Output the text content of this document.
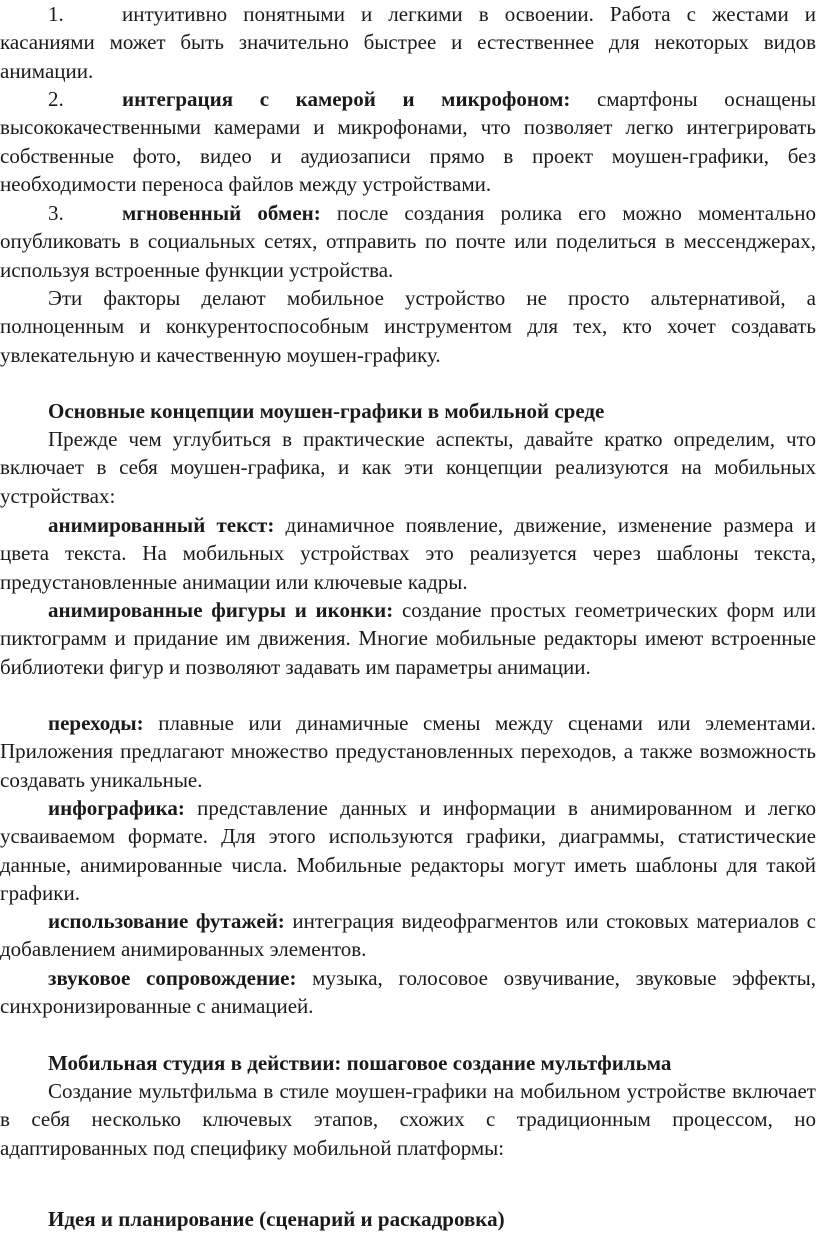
1.	интуитивно понятными и легкими в освоении. Работа с жестами и касаниями может быть значительно быстрее и естественнее для некоторых видов анимации.

2.	интеграция с камерой и микрофоном: смартфоны оснащены высококачественными камерами и микрофонами, что позволяет легко интегрировать собственные фото, видео и аудиозаписи прямо в проект моушен-графики, без необходимости переноса файлов между устройствами.

3.	мгновенный обмен: после создания ролика его можно моментально опубликовать в социальных сетях, отправить по почте или поделиться в мессенджерах, используя встроенные функции устройства.

Эти факторы делают мобильное устройство не просто альтернативой, а полноценным и конкурентоспособным инструментом для тех, кто хочет создавать увлекательную и качественную моушен-графику.

Основные концепции моушен-графики в мобильной среде

Прежде чем углубиться в практические аспекты, давайте кратко определим, что включает в себя моушен-графика, и как эти концепции реализуются на мобильных устройствах:

анимированный текст: динамичное появление, движение, изменение размера и цвета текста. На мобильных устройствах это реализуется через шаблоны текста, предустановленные анимации или ключевые кадры.

анимированные фигуры и иконки: создание простых геометрических форм или пиктограмм и придание им движения. Многие мобильные редакторы имеют встроенные библиотеки фигур и позволяют задавать им параметры анимации.

переходы: плавные или динамичные смены между сценами или элементами. Приложения предлагают множество предустановленных переходов, а также возможность создавать уникальные.

инфографика: представление данных и информации в анимированном и легко усваиваемом формате. Для этого используются графики, диаграммы, статистические данные, анимированные числа. Мобильные редакторы могут иметь шаблоны для такой графики.

использование футажей: интеграция видеофрагментов или стоковых материалов с добавлением анимированных элементов.

звуковое сопровождение: музыка, голосовое озвучивание, звуковые эффекты, синхронизированные с анимацией.

Мобильная студия в действии: пошаговое создание мультфильма

Создание мультфильма в стиле моушен-графики на мобильном устройстве включает в себя несколько ключевых этапов, схожих с традиционным процессом, но адаптированных под специфику мобильной платформы:

Идея и планирование (сценарий и раскадровка)
